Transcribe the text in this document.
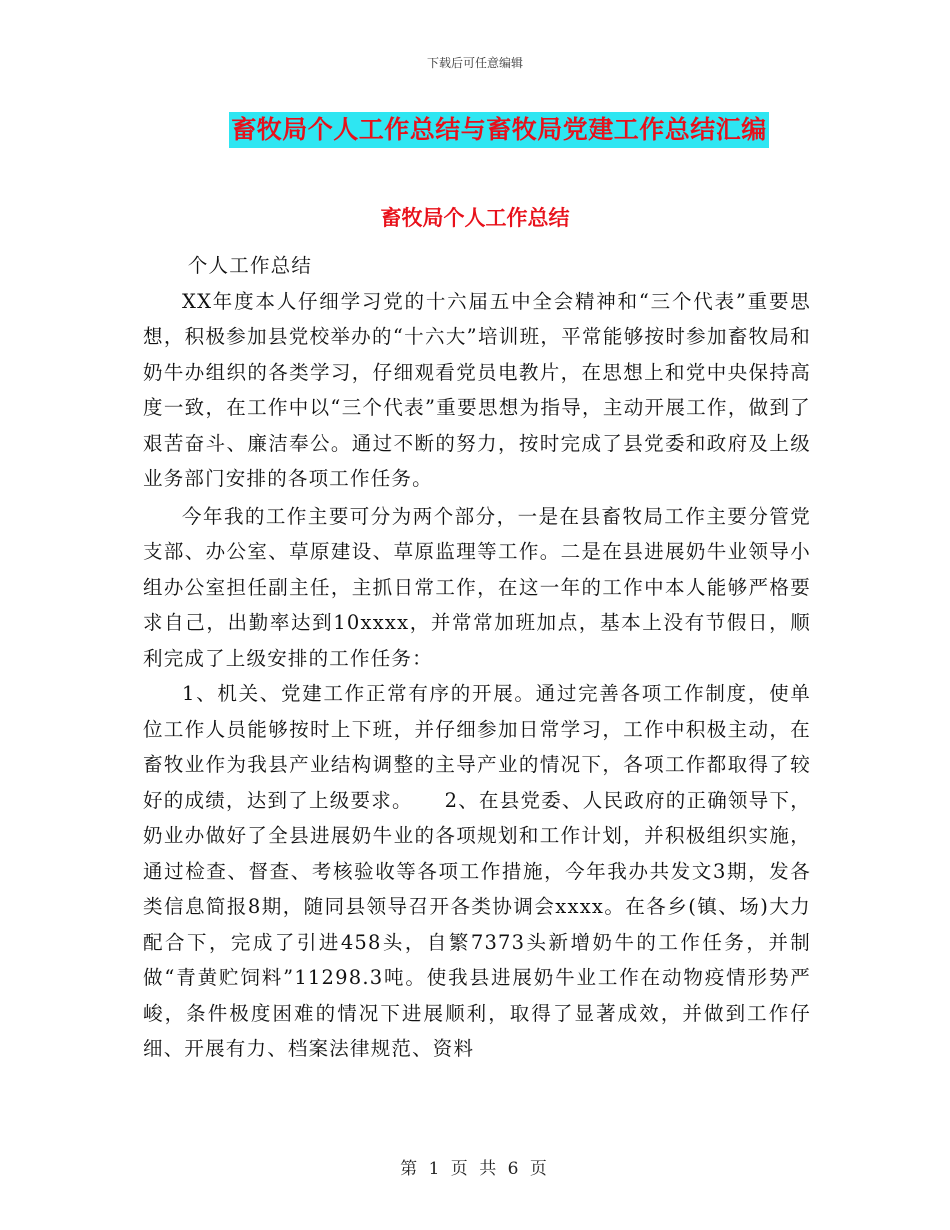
下载后可任意编辑
畜牧局个人工作总结与畜牧局党建工作总结汇编
畜牧局个人工作总结

个人工作总结

XX年度本人仔细学习党的十六届五中全会精神和“三个代表”重要思想，积极参加县党校举办的“十六大”培训班，平常能够按时参加畜牧局和奶牛办组织的各类学习，仔细观看党员电教片，在思想上和党中央保持高度一致，在工作中以“三个代表”重要思想为指导，主动开展工作，做到了艰苦奋斗、廉洁奉公。通过不断的努力，按时完成了县党委和政府及上级业务部门安排的各项工作任务。

今年我的工作主要可分为两个部分，一是在县畜牧局工作主要分管党支部、办公室、草原建设、草原监理等工作。二是在县进展奶牛业领导小组办公室担任副主任，主抓日常工作，在这一年的工作中本人能够严格要求自己，出勤率达到10xxxx，并常常加班加点，基本上没有节假日，顺利完成了上级安排的工作任务：

1、机关、党建工作正常有序的开展。通过完善各项工作制度，使单位工作人员能够按时上下班，并仔细参加日常学习，工作中积极主动，在畜牧业作为我县产业结构调整的主导产业的情况下，各项工作都取得了较好的成绩，达到了上级要求。　　2、在县党委、人民政府的正确领导下，奶业办做好了全县进展奶牛业的各项规划和工作计划，并积极组织实施，通过检查、督查、考核验收等各项工作措施，今年我办共发文3期，发各类信息简报8期，随同县领导召开各类协调会xxxx。在各乡(镇、场)大力配合下，完成了引进458头，自繁7373头新增奶牛的工作任务，并制做“青黄贮饲料”11298.3吨。使我县进展奶牛业工作在动物疫情形势严峻，条件极度困难的情况下进展顺利，取得了显著成效，并做到工作仔细、开展有力、档案法律规范、资料

第 1 页 共 6 页
